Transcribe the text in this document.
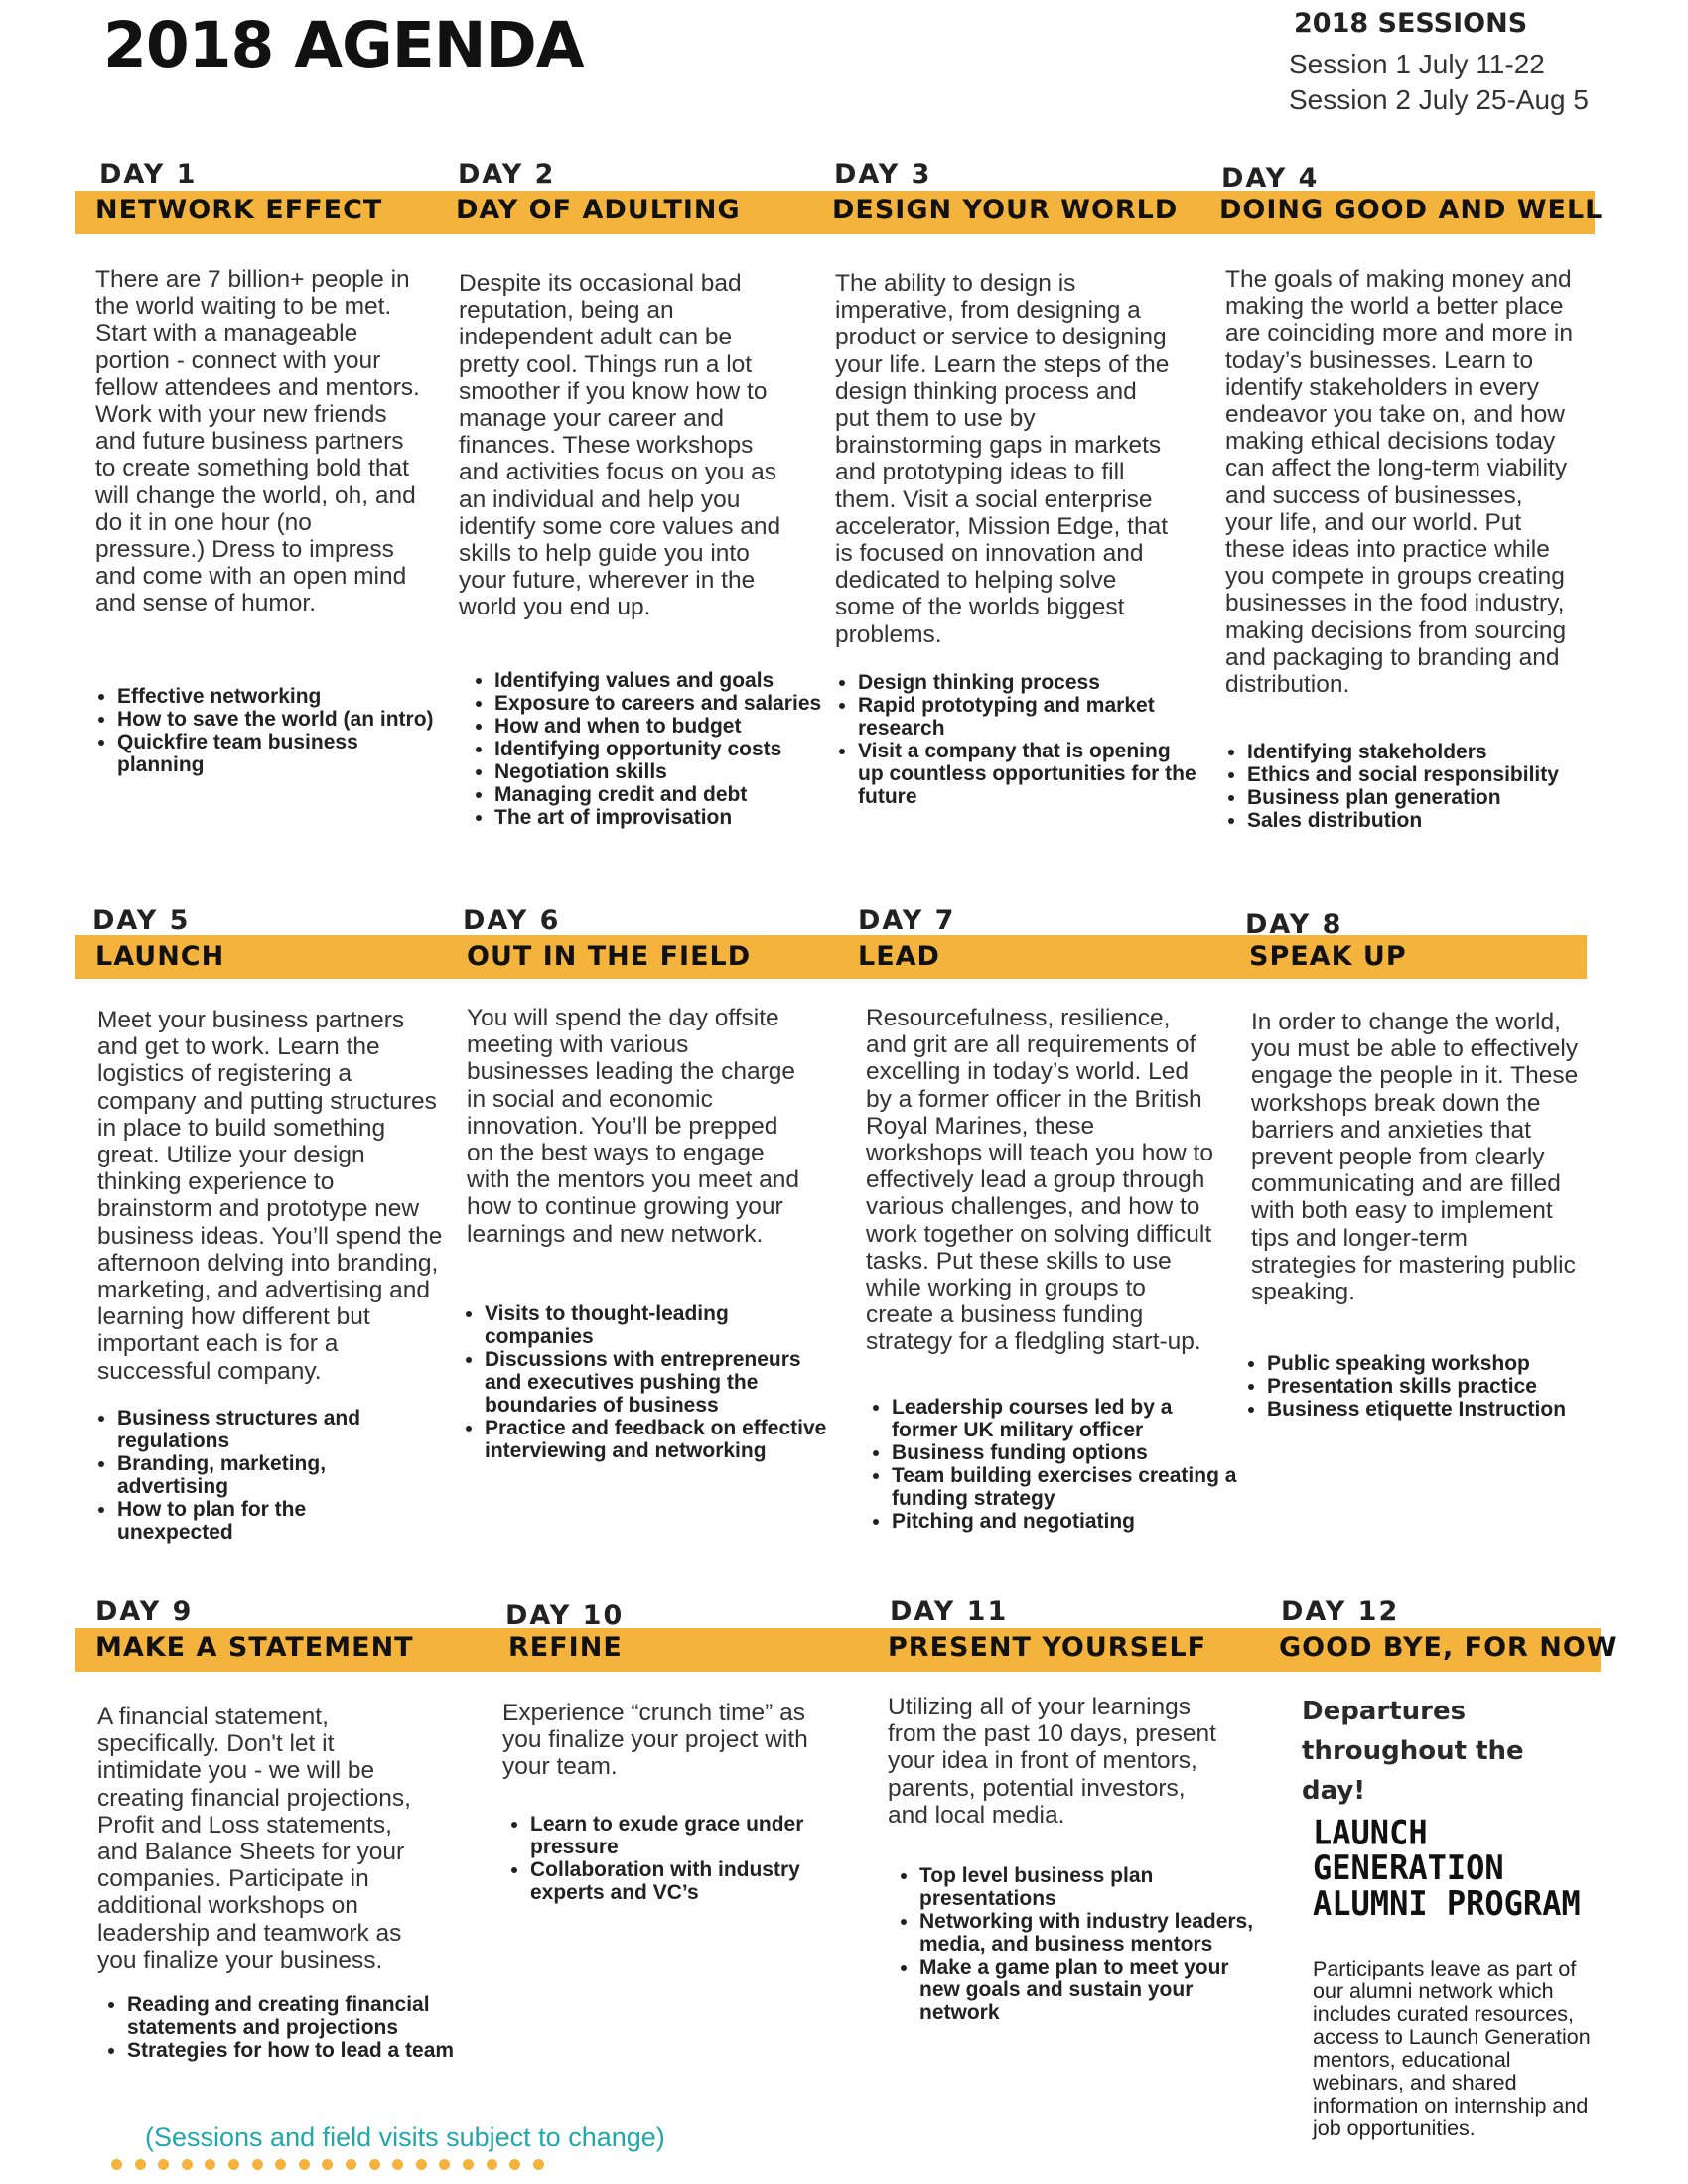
2018 AGENDA	2018 SESSIONS
Session 1 July 11-22
Session 2 July 25-Aug 5
DAY 1
NETWORK EFFECT
There are 7 billion+ people in the world waiting to be met. Start with a manageable portion - connect with your fellow attendees and mentors. Work with your new friends and future business partners to create something bold that will change the world, oh, and do it in one hour (no pressure.) Dress to impress and come with an open mind and sense of humor.
• Effective networking
• How to save the world (an intro)
• Quickfire team business planning
DAY 2
DAY OF ADULTING
Despite its occasional bad reputation, being an independent adult can be pretty cool. Things run a lot smoother if you know how to manage your career and finances. These workshops and activities focus on you as an individual and help you identify some core values and skills to help guide you into your future, wherever in the world you end up.
• Identifying values and goals
• Exposure to careers and salaries
• How and when to budget
• Identifying opportunity costs
• Negotiation skills
• Managing credit and debt
• The art of improvisation
DAY 3
DESIGN YOUR WORLD
The ability to design is imperative, from designing a product or service to designing your life. Learn the steps of the design thinking process and put them to use by brainstorming gaps in markets and prototyping ideas to fill them. Visit a social enterprise accelerator, Mission Edge, that is focused on innovation and dedicated to helping solve some of the worlds biggest problems.
• Design thinking process
• Rapid prototyping and market research
• Visit a company that is opening up countless opportunities for the future
DAY 4
DOING GOOD AND WELL
The goals of making money and making the world a better place are coinciding more and more in today’s businesses. Learn to identify stakeholders in every endeavor you take on, and how making ethical decisions today can affect the long-term viability and success of businesses, your life, and our world. Put these ideas into practice while you compete in groups creating businesses in the food industry, making decisions from sourcing and packaging to branding and distribution.
• Identifying stakeholders
• Ethics and social responsibility
• Business plan generation
• Sales distribution
DAY 5
LAUNCH
Meet your business partners and get to work. Learn the logistics of registering a company and putting structures in place to build something great. Utilize your design thinking experience to brainstorm and prototype new business ideas. You’ll spend the afternoon delving into branding, marketing, and advertising and learning how different but important each is for a successful company.
• Business structures and regulations
• Branding, marketing, advertising
• How to plan for the unexpected
DAY 6
OUT IN THE FIELD
You will spend the day offsite meeting with various businesses leading the charge in social and economic innovation. You’ll be prepped on the best ways to engage with the mentors you meet and how to continue growing your learnings and new network.
• Visits to thought-leading companies
• Discussions with entrepreneurs and executives pushing the boundaries of business
• Practice and feedback on effective interviewing and networking
DAY 7
LEAD
Resourcefulness, resilience, and grit are all requirements of excelling in today’s world. Led by a former officer in the British Royal Marines, these workshops will teach you how to effectively lead a group through various challenges, and how to work together on solving difficult tasks. Put these skills to use while working in groups to create a business funding strategy for a fledgling start-up.
• Leadership courses led by a former UK military officer
• Business funding options
• Team building exercises creating a funding strategy
• Pitching and negotiating
DAY 8
SPEAK UP
In order to change the world, you must be able to effectively engage the people in it. These workshops break down the barriers and anxieties that prevent people from clearly communicating and are filled with both easy to implement tips and longer-term strategies for mastering public speaking.
• Public speaking workshop
• Presentation skills practice
• Business etiquette Instruction
DAY 9
MAKE A STATEMENT
A financial statement, specifically. Don't let it intimidate you - we will be creating financial projections, Profit and Loss statements, and Balance Sheets for your companies. Participate in additional workshops on leadership and teamwork as you finalize your business.
• Reading and creating financial statements and projections
• Strategies for how to lead a team
DAY 10
REFINE
Experience “crunch time” as you finalize your project with your team.
• Learn to exude grace under pressure
• Collaboration with industry experts and VC’s
DAY 11
PRESENT YOURSELF
Utilizing all of your learnings from the past 10 days, present your idea in front of mentors, parents, potential investors, and local media.
• Top level business plan presentations
• Networking with industry leaders, media, and business mentors
• Make a game plan to meet your new goals and sustain your network
DAY 12
GOOD BYE, FOR NOW
Departures throughout the day!
LAUNCH GENERATION ALUMNI PROGRAM
Participants leave as part of our alumni network which includes curated resources, access to Launch Generation mentors, educational webinars, and shared information on internship and job opportunities.
(Sessions and field visits subject to change)
